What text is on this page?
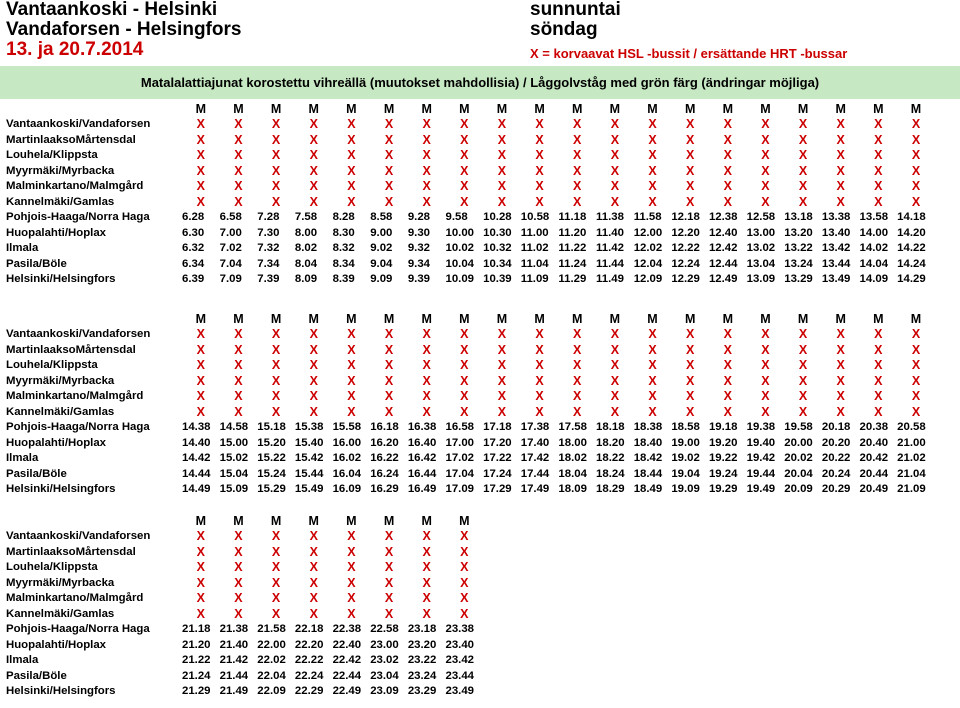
Vantaankoski - Helsinki
Vandaforsen - Helsingfors
13. ja 20.7.2014
sunnuntai
söndag
X = korvaavat HSL -bussit / ersättande HRT -bussar
Matalalattiajunat korostettu vihreällä (muutokset mahdollisia) / Låggolvståg med grön färg (ändringar möjliga)
	M	M	M	M	M	M	M	M	M	M	M	M	M	M	M	M	M	M	M	M
Vantaankoski/Vandaforsen	X	X	X	X	X	X	X	X	X	X	X	X	X	X	X	X	X	X	X	X
MartinlaaksoMårtensdal	X	X	X	X	X	X	X	X	X	X	X	X	X	X	X	X	X	X	X	X
Louhela/Klippsta	X	X	X	X	X	X	X	X	X	X	X	X	X	X	X	X	X	X	X	X
Myyrmäki/Myrbacka	X	X	X	X	X	X	X	X	X	X	X	X	X	X	X	X	X	X	X	X
Malminkartano/Malmgård	X	X	X	X	X	X	X	X	X	X	X	X	X	X	X	X	X	X	X	X
Kannelmäki/Gamlas	X	X	X	X	X	X	X	X	X	X	X	X	X	X	X	X	X	X	X	X
Pohjois-Haaga/Norra Haga	6.28	6.58	7.28	7.58	8.28	8.58	9.28	9.58	10.28	10.58	11.18	11.38	11.58	12.18	12.38	12.58	13.18	13.38	13.58	14.18
Huopalahti/Hoplax	6.30	7.00	7.30	8.00	8.30	9.00	9.30	10.00	10.30	11.00	11.20	11.40	12.00	12.20	12.40	13.00	13.20	13.40	14.00	14.20
Ilmala	6.32	7.02	7.32	8.02	8.32	9.02	9.32	10.02	10.32	11.02	11.22	11.42	12.02	12.22	12.42	13.02	13.22	13.42	14.02	14.22
Pasila/Böle	6.34	7.04	7.34	8.04	8.34	9.04	9.34	10.04	10.34	11.04	11.24	11.44	12.04	12.24	12.44	13.04	13.24	13.44	14.04	14.24
Helsinki/Helsingfors	6.39	7.09	7.39	8.09	8.39	9.09	9.39	10.09	10.39	11.09	11.29	11.49	12.09	12.29	12.49	13.09	13.29	13.49	14.09	14.29
	M	M	M	M	M	M	M	M	M	M	M	M	M	M	M	M	M	M	M	M
Vantaankoski/Vandaforsen	X	X	X	X	X	X	X	X	X	X	X	X	X	X	X	X	X	X	X	X
MartinlaaksoMårtensdal	X	X	X	X	X	X	X	X	X	X	X	X	X	X	X	X	X	X	X	X
Louhela/Klippsta	X	X	X	X	X	X	X	X	X	X	X	X	X	X	X	X	X	X	X	X
Myyrmäki/Myrbacka	X	X	X	X	X	X	X	X	X	X	X	X	X	X	X	X	X	X	X	X
Malminkartano/Malmgård	X	X	X	X	X	X	X	X	X	X	X	X	X	X	X	X	X	X	X	X
Kannelmäki/Gamlas	X	X	X	X	X	X	X	X	X	X	X	X	X	X	X	X	X	X	X	X
Pohjois-Haaga/Norra Haga	14.38	14.58	15.18	15.38	15.58	16.18	16.38	16.58	17.18	17.38	17.58	18.18	18.38	18.58	19.18	19.38	19.58	20.18	20.38	20.58
Huopalahti/Hoplax	14.40	15.00	15.20	15.40	16.00	16.20	16.40	17.00	17.20	17.40	18.00	18.20	18.40	19.00	19.20	19.40	20.00	20.20	20.40	21.00
Ilmala	14.42	15.02	15.22	15.42	16.02	16.22	16.42	17.02	17.22	17.42	18.02	18.22	18.42	19.02	19.22	19.42	20.02	20.22	20.42	21.02
Pasila/Böle	14.44	15.04	15.24	15.44	16.04	16.24	16.44	17.04	17.24	17.44	18.04	18.24	18.44	19.04	19.24	19.44	20.04	20.24	20.44	21.04
Helsinki/Helsingfors	14.49	15.09	15.29	15.49	16.09	16.29	16.49	17.09	17.29	17.49	18.09	18.29	18.49	19.09	19.29	19.49	20.09	20.29	20.49	21.09
	M	M	M	M	M	M	M	M
Vantaankoski/Vandaforsen	X	X	X	X	X	X	X	X
MartinlaaksoMårtensdal	X	X	X	X	X	X	X	X
Louhela/Klippsta	X	X	X	X	X	X	X	X
Myyrmäki/Myrbacka	X	X	X	X	X	X	X	X
Malminkartano/Malmgård	X	X	X	X	X	X	X	X
Kannelmäki/Gamlas	X	X	X	X	X	X	X	X
Pohjois-Haaga/Norra Haga	21.18	21.38	21.58	22.18	22.38	22.58	23.18	23.38
Huopalahti/Hoplax	21.20	21.40	22.00	22.20	22.40	23.00	23.20	23.40
Ilmala	21.22	21.42	22.02	22.22	22.42	23.02	23.22	23.42
Pasila/Böle	21.24	21.44	22.04	22.24	22.44	23.04	23.24	23.44
Helsinki/Helsingfors	21.29	21.49	22.09	22.29	22.49	23.09	23.29	23.49
